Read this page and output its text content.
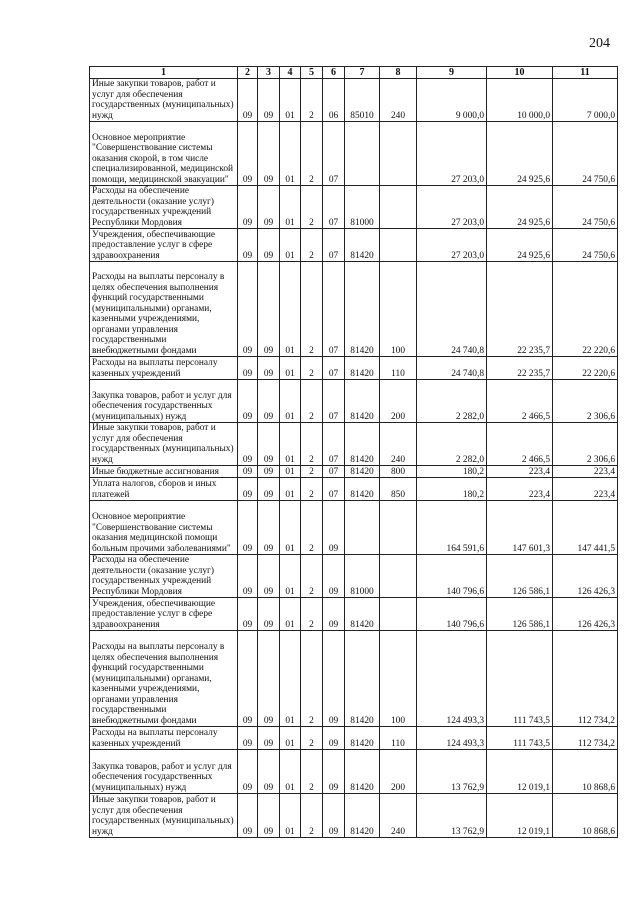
204
1	2	3	4	5	6	7	8	9	10	11
Иные закупки товаров, работ и услуг для обеспечения государственных (муниципальных) нужд	09	09	01	2	06	85010	240	9 000,0	10 000,0	7 000,0
Основное мероприятие "Совершенствование системы оказания скорой, в том числе специализированной, медицинской помощи, медицинской эвакуации"	09	09	01	2	07			27 203,0	24 925,6	24 750,6
Расходы на обеспечение деятельности (оказание услуг) государственных учреждений Республики Мордовия	09	09	01	2	07	81000		27 203,0	24 925,6	24 750,6
Учреждения, обеспечивающие предоставление услуг в сфере здравоохранения	09	09	01	2	07	81420		27 203,0	24 925,6	24 750,6
Расходы на выплаты персоналу в целях обеспечения выполнения функций государственными (муниципальными) органами, казенными учреждениями, органами управления государственными внебюджетными фондами	09	09	01	2	07	81420	100	24 740,8	22 235,7	22 220,6
Расходы на выплаты персоналу казенных учреждений	09	09	01	2	07	81420	110	24 740,8	22 235,7	22 220,6
Закупка товаров, работ и услуг для обеспечения государственных (муниципальных) нужд	09	09	01	2	07	81420	200	2 282,0	2 466,5	2 306,6
Иные закупки товаров, работ и услуг для обеспечения государственных (муниципальных) нужд	09	09	01	2	07	81420	240	2 282,0	2 466,5	2 306,6
Иные бюджетные ассигнования	09	09	01	2	07	81420	800	180,2	223,4	223,4
Уплата налогов, сборов и иных платежей	09	09	01	2	07	81420	850	180,2	223,4	223,4
Основное мероприятие "Совершенствование системы оказания медицинской помощи больным прочими заболеваниями"	09	09	01	2	09			164 591,6	147 601,3	147 441,5
Расходы на обеспечение деятельности (оказание услуг) государственных учреждений Республики Мордовия	09	09	01	2	09	81000		140 796,6	126 586,1	126 426,3
Учреждения, обеспечивающие предоставление услуг в сфере здравоохранения	09	09	01	2	09	81420		140 796,6	126 586,1	126 426,3
Расходы на выплаты персоналу в целях обеспечения выполнения функций государственными (муниципальными) органами, казенными учреждениями, органами управления государственными внебюджетными фондами	09	09	01	2	09	81420	100	124 493,3	111 743,5	112 734,2
Расходы на выплаты персоналу казенных учреждений	09	09	01	2	09	81420	110	124 493,3	111 743,5	112 734,2
Закупка товаров, работ и услуг для обеспечения государственных (муниципальных) нужд	09	09	01	2	09	81420	200	13 762,9	12 019,1	10 868,6
Иные закупки товаров, работ и услуг для обеспечения государственных (муниципальных) нужд	09	09	01	2	09	81420	240	13 762,9	12 019,1	10 868,6
